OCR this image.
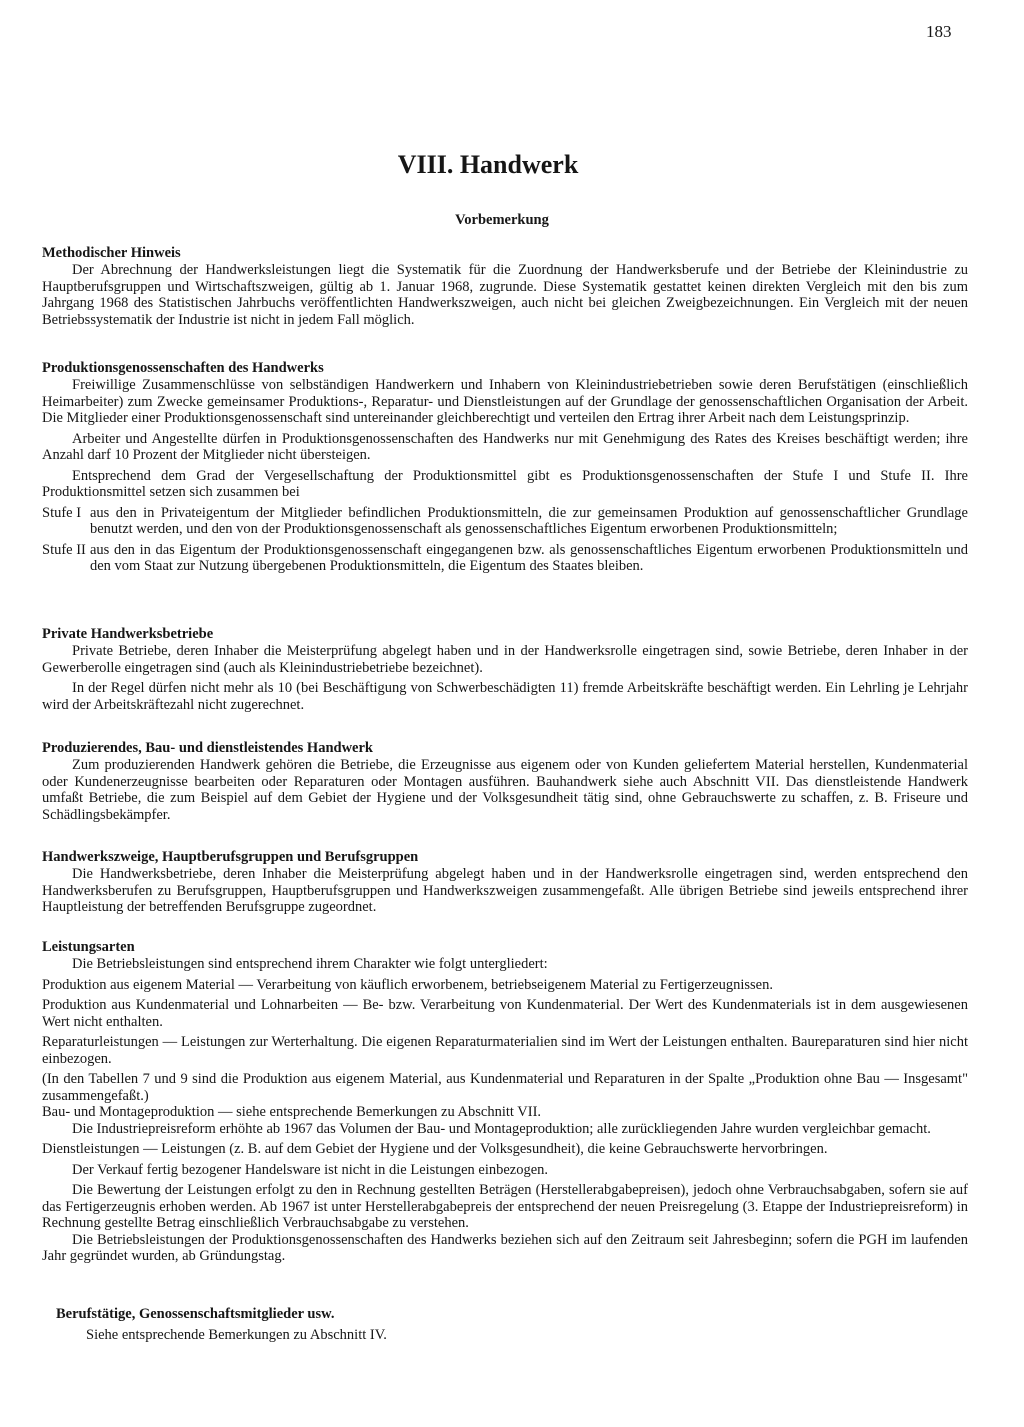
183
VIII. Handwerk
Vorbemerkung

Methodischer Hinweis

Der Abrechnung der Handwerksleistungen liegt die Systematik für die Zuordnung der Handwerksberufe und der Betriebe der Kleinindustrie zu Hauptberufsgruppen und Wirtschaftszweigen, gültig ab 1. Januar 1968, zugrunde. Diese Systematik gestattet keinen direkten Vergleich mit den bis zum Jahrgang 1968 des Statistischen Jahrbuchs veröffentlichten Handwerkszweigen, auch nicht bei gleichen Zweigbezeichnungen. Ein Vergleich mit der neuen Betriebssystematik der Industrie ist nicht in jedem Fall möglich.

Produktionsgenossenschaften des Handwerks

Freiwillige Zusammenschlüsse von selbständigen Handwerkern und Inhabern von Kleinindustriebetrieben sowie deren Berufstätigen (einschließlich Heimarbeiter) zum Zwecke gemeinsamer Produktions-, Reparatur- und Dienstleistungen auf der Grundlage der genossenschaftlichen Organisation der Arbeit. Die Mitglieder einer Produktionsgenossenschaft sind untereinander gleichberechtigt und verteilen den Ertrag ihrer Arbeit nach dem Leistungsprinzip.

Arbeiter und Angestellte dürfen in Produktionsgenossenschaften des Handwerks nur mit Genehmigung des Rates des Kreises beschäftigt werden; ihre Anzahl darf 10 Prozent der Mitglieder nicht übersteigen.

Entsprechend dem Grad der Vergesellschaftung der Produktionsmittel gibt es Produktionsgenossenschaften der Stufe I und Stufe II. Ihre Produktionsmittel setzen sich zusammen bei

Stufe I aus den in Privateigentum der Mitglieder befindlichen Produktionsmitteln, die zur gemeinsamen Produktion auf genossenschaftlicher Grundlage benutzt werden, und den von der Produktionsgenossenschaft als genossenschaftliches Eigentum erworbenen Produktionsmitteln;
Stufe II aus den in das Eigentum der Produktionsgenossenschaft eingegangenen bzw. als genossenschaftliches Eigentum erworbenen Produktionsmitteln und den vom Staat zur Nutzung übergebenen Produktionsmitteln, die Eigentum des Staates bleiben.

Private Handwerksbetriebe

Private Betriebe, deren Inhaber die Meisterprüfung abgelegt haben und in der Handwerksrolle eingetragen sind, sowie Betriebe, deren Inhaber in der Gewerberolle eingetragen sind (auch als Kleinindustriebetriebe bezeichnet).

In der Regel dürfen nicht mehr als 10 (bei Beschäftigung von Schwerbeschädigten 11) fremde Arbeitskräfte beschäftigt werden. Ein Lehrling je Lehrjahr wird der Arbeitskräftezahl nicht zugerechnet.

Produzierendes, Bau- und dienstleistendes Handwerk

Zum produzierenden Handwerk gehören die Betriebe, die Erzeugnisse aus eigenem oder von Kunden geliefertem Material herstellen, Kundenmaterial oder Kundenerzeugnisse bearbeiten oder Reparaturen oder Montagen ausführen. Bauhandwerk siehe auch Abschnitt VII. Das dienstleistende Handwerk umfaßt Betriebe, die zum Beispiel auf dem Gebiet der Hygiene und der Volksgesundheit tätig sind, ohne Gebrauchswerte zu schaffen, z. B. Friseure und Schädlingsbekämpfer.

Handwerkszweige, Hauptberufsgruppen und Berufsgruppen

Die Handwerksbetriebe, deren Inhaber die Meisterprüfung abgelegt haben und in der Handwerksrolle eingetragen sind, werden entsprechend den Handwerksberufen zu Berufsgruppen, Hauptberufsgruppen und Handwerkszweigen zusammengefaßt. Alle übrigen Betriebe sind jeweils entsprechend ihrer Hauptleistung der betreffenden Berufsgruppe zugeordnet.

Leistungsarten

Die Betriebsleistungen sind entsprechend ihrem Charakter wie folgt untergliedert:

Produktion aus eigenem Material — Verarbeitung von käuflich erworbenem, betriebseigenem Material zu Fertigerzeugnissen.

Produktion aus Kundenmaterial und Lohnarbeiten — Be- bzw. Verarbeitung von Kundenmaterial. Der Wert des Kundenmaterials ist in dem ausgewiesenen Wert nicht enthalten.

Reparaturleistungen — Leistungen zur Werterhaltung. Die eigenen Reparaturmaterialien sind im Wert der Leistungen enthalten. Baureparaturen sind hier nicht einbezogen.

(In den Tabellen 7 und 9 sind die Produktion aus eigenem Material, aus Kundenmaterial und Reparaturen in der Spalte „Produktion ohne Bau — Insgesamt" zusammengefaßt.)

Bau- und Montageproduktion — siehe entsprechende Bemerkungen zu Abschnitt VII.

Die Industriepreisreform erhöhte ab 1967 das Volumen der Bau- und Montageproduktion; alle zurückliegenden Jahre wurden vergleichbar gemacht.

Dienstleistungen — Leistungen (z. B. auf dem Gebiet der Hygiene und der Volksgesundheit), die keine Gebrauchswerte hervorbringen.

Der Verkauf fertig bezogener Handelsware ist nicht in die Leistungen einbezogen.

Die Bewertung der Leistungen erfolgt zu den in Rechnung gestellten Beträgen (Herstellerabgabepreisen), jedoch ohne Verbrauchsabgaben, sofern sie auf das Fertigerzeugnis erhoben werden. Ab 1967 ist unter Herstellerabgabepreis der entsprechend der neuen Preisregelung (3. Etappe der Industriepreisreform) in Rechnung gestellte Betrag einschließlich Verbrauchsabgabe zu verstehen.

Die Betriebsleistungen der Produktionsgenossenschaften des Handwerks beziehen sich auf den Zeitraum seit Jahresbeginn; sofern die PGH im laufenden Jahr gegründet wurden, ab Gründungstag.

Berufstätige, Genossenschaftsmitglieder usw.

Siehe entsprechende Bemerkungen zu Abschnitt IV.
